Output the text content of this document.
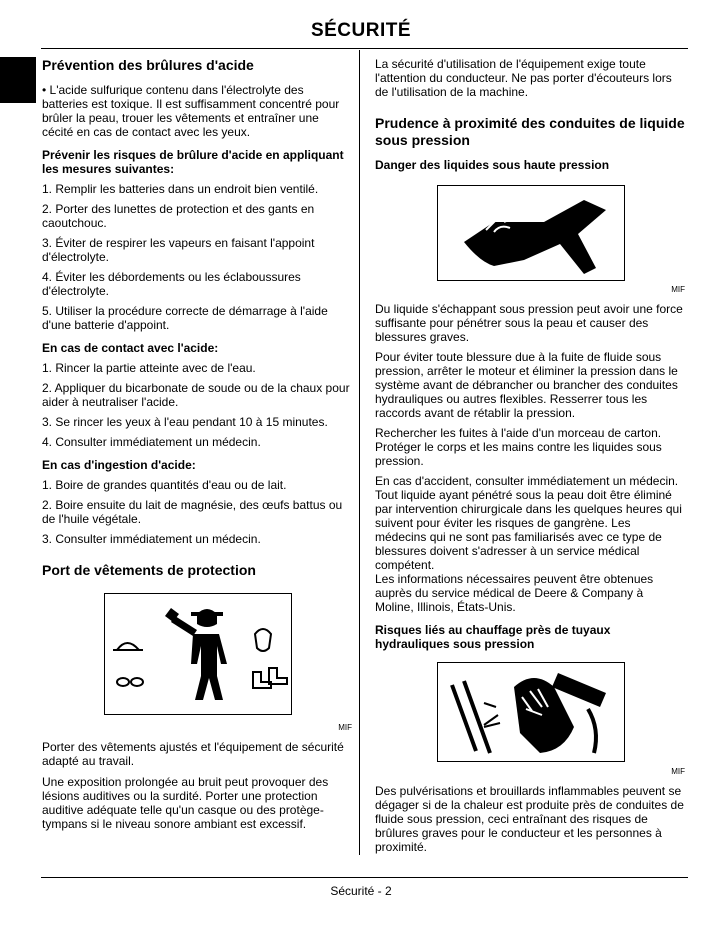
SÉCURITÉ
Prévention des brûlures d'acide

• L'acide sulfurique contenu dans l'électrolyte des batteries est toxique. Il est suffisamment concentré pour brûler la peau, trouer les vêtements et entraîner une cécité en cas de contact avec les yeux.

Prévenir les risques de brûlure d'acide en appliquant les mesures suivantes:

1. Remplir les batteries dans un endroit bien ventilé.

2. Porter des lunettes de protection et des gants en caoutchouc.

3. Éviter de respirer les vapeurs en faisant l'appoint d'électrolyte.

4. Éviter les débordements ou les éclaboussures d'électrolyte.

5. Utiliser la procédure correcte de démarrage à l'aide d'une batterie d'appoint.

En cas de contact avec l'acide:

1. Rincer la partie atteinte avec de l'eau.

2. Appliquer du bicarbonate de soude ou de la chaux pour aider à neutraliser l'acide.

3. Se rincer les yeux à l'eau pendant 10 à 15 minutes.

4. Consulter immédiatement un médecin.

En cas d'ingestion d'acide:

1. Boire de grandes quantités d'eau ou de lait.

2. Boire ensuite du lait de magnésie, des œufs battus ou de l'huile végétale.

3. Consulter immédiatement un médecin.

Port de vêtements de protection
MIF

Porter des vêtements ajustés et l'équipement de sécurité adapté au travail.

Une exposition prolongée au bruit peut provoquer des lésions auditives ou la surdité. Porter une protection auditive adéquate telle qu'un casque ou des protège-tympans si le niveau sonore ambiant est excessif.

La sécurité d'utilisation de l'équipement exige toute l'attention du conducteur. Ne pas porter d'écouteurs lors de l'utilisation de la machine.

Prudence à proximité des conduites de liquide sous pression
Danger des liquides sous haute pression
MIF

Du liquide s'échappant sous pression peut avoir une force suffisante pour pénétrer sous la peau et causer des blessures graves.

Pour éviter toute blessure due à la fuite de fluide sous pression, arrêter le moteur et éliminer la pression dans le système avant de débrancher ou brancher des conduites hydrauliques ou autres flexibles. Resserrer tous les raccords avant de rétablir la pression.

Rechercher les fuites à l'aide d'un morceau de carton. Protéger le corps et les mains contre les liquides sous pression.

En cas d'accident, consulter immédiatement un médecin. Tout liquide ayant pénétré sous la peau doit être éliminé par intervention chirurgicale dans les quelques heures qui suivent pour éviter les risques de gangrène. Les médecins qui ne sont pas familiarisés avec ce type de blessures doivent s'adresser à un service médical compétent.

Les informations nécessaires peuvent être obtenues auprès du service médical de Deere & Company à Moline, Illinois, États-Unis.

Risques liés au chauffage près de tuyaux hydrauliques sous pression
MIF

Des pulvérisations et brouillards inflammables peuvent se dégager si de la chaleur est produite près de conduites de fluide sous pression, ceci entraînant des risques de brûlures graves pour le conducteur et les personnes à proximité.

Sécurité - 2
